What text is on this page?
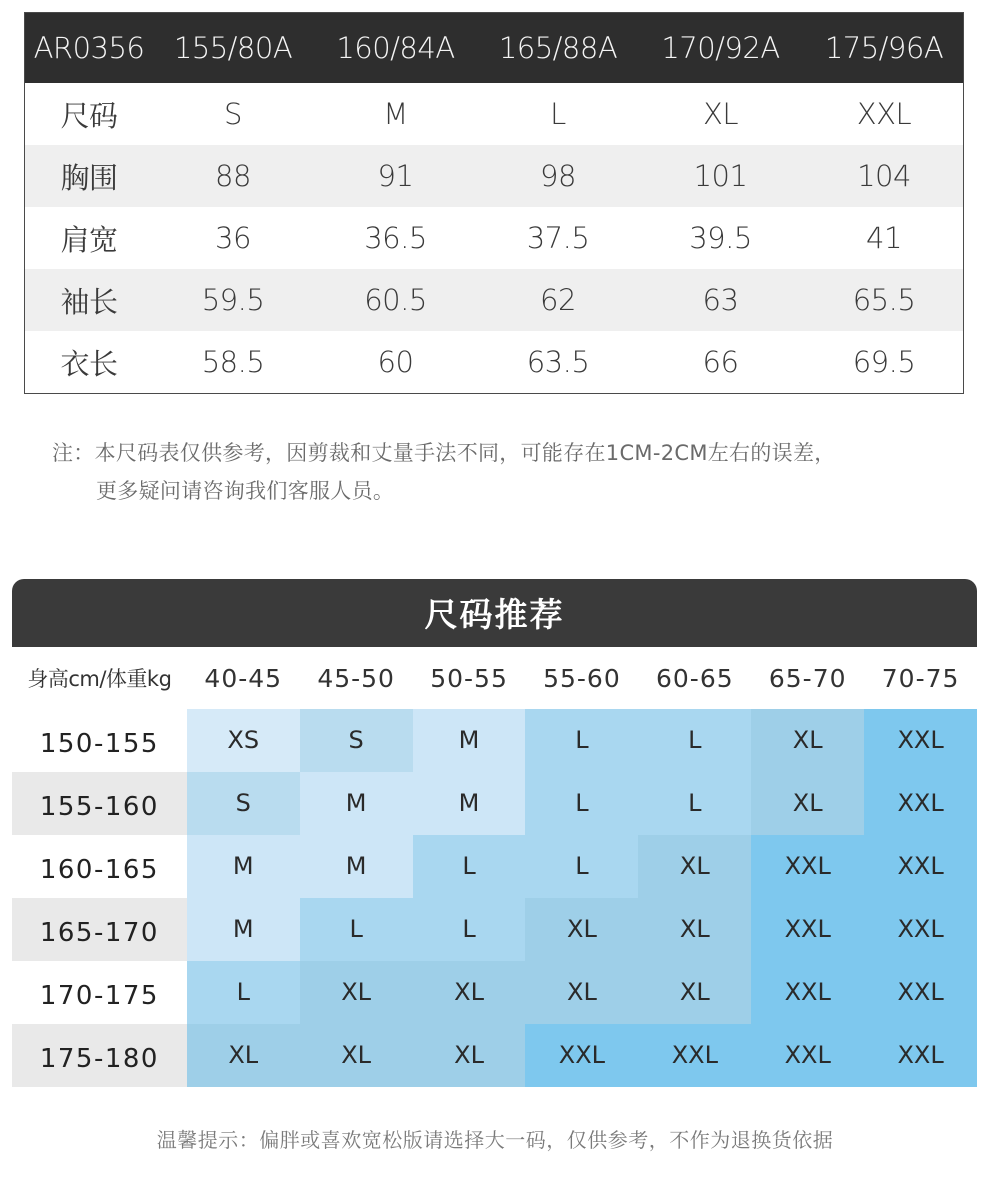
AR0356	155/80A	160/84A	165/88A	170/92A	175/96A
尺码	S	M	L	XL	XXL
胸围	88	91	98	101	104
肩宽	36	36.5	37.5	39.5	41
袖长	59.5	60.5	62	63	65.5
衣长	58.5	60	63.5	66	69.5
注：本尺码表仅供参考，因剪裁和丈量手法不同，可能存在1CM-2CM左右的误差，
更多疑问请咨询我们客服人员。
尺码推荐
身高cm/体重kg	40-45	45-50	50-55	55-60	60-65	65-70	70-75
150-155	XS	S	M	L	L	XL	XXL
155-160	S	M	M	L	L	XL	XXL
160-165	M	M	L	L	XL	XXL	XXL
165-170	M	L	L	XL	XL	XXL	XXL
170-175	L	XL	XL	XL	XL	XXL	XXL
175-180	XL	XL	XL	XXL	XXL	XXL	XXL
温馨提示：偏胖或喜欢宽松版请选择大一码，仅供参考，不作为退换货依据
